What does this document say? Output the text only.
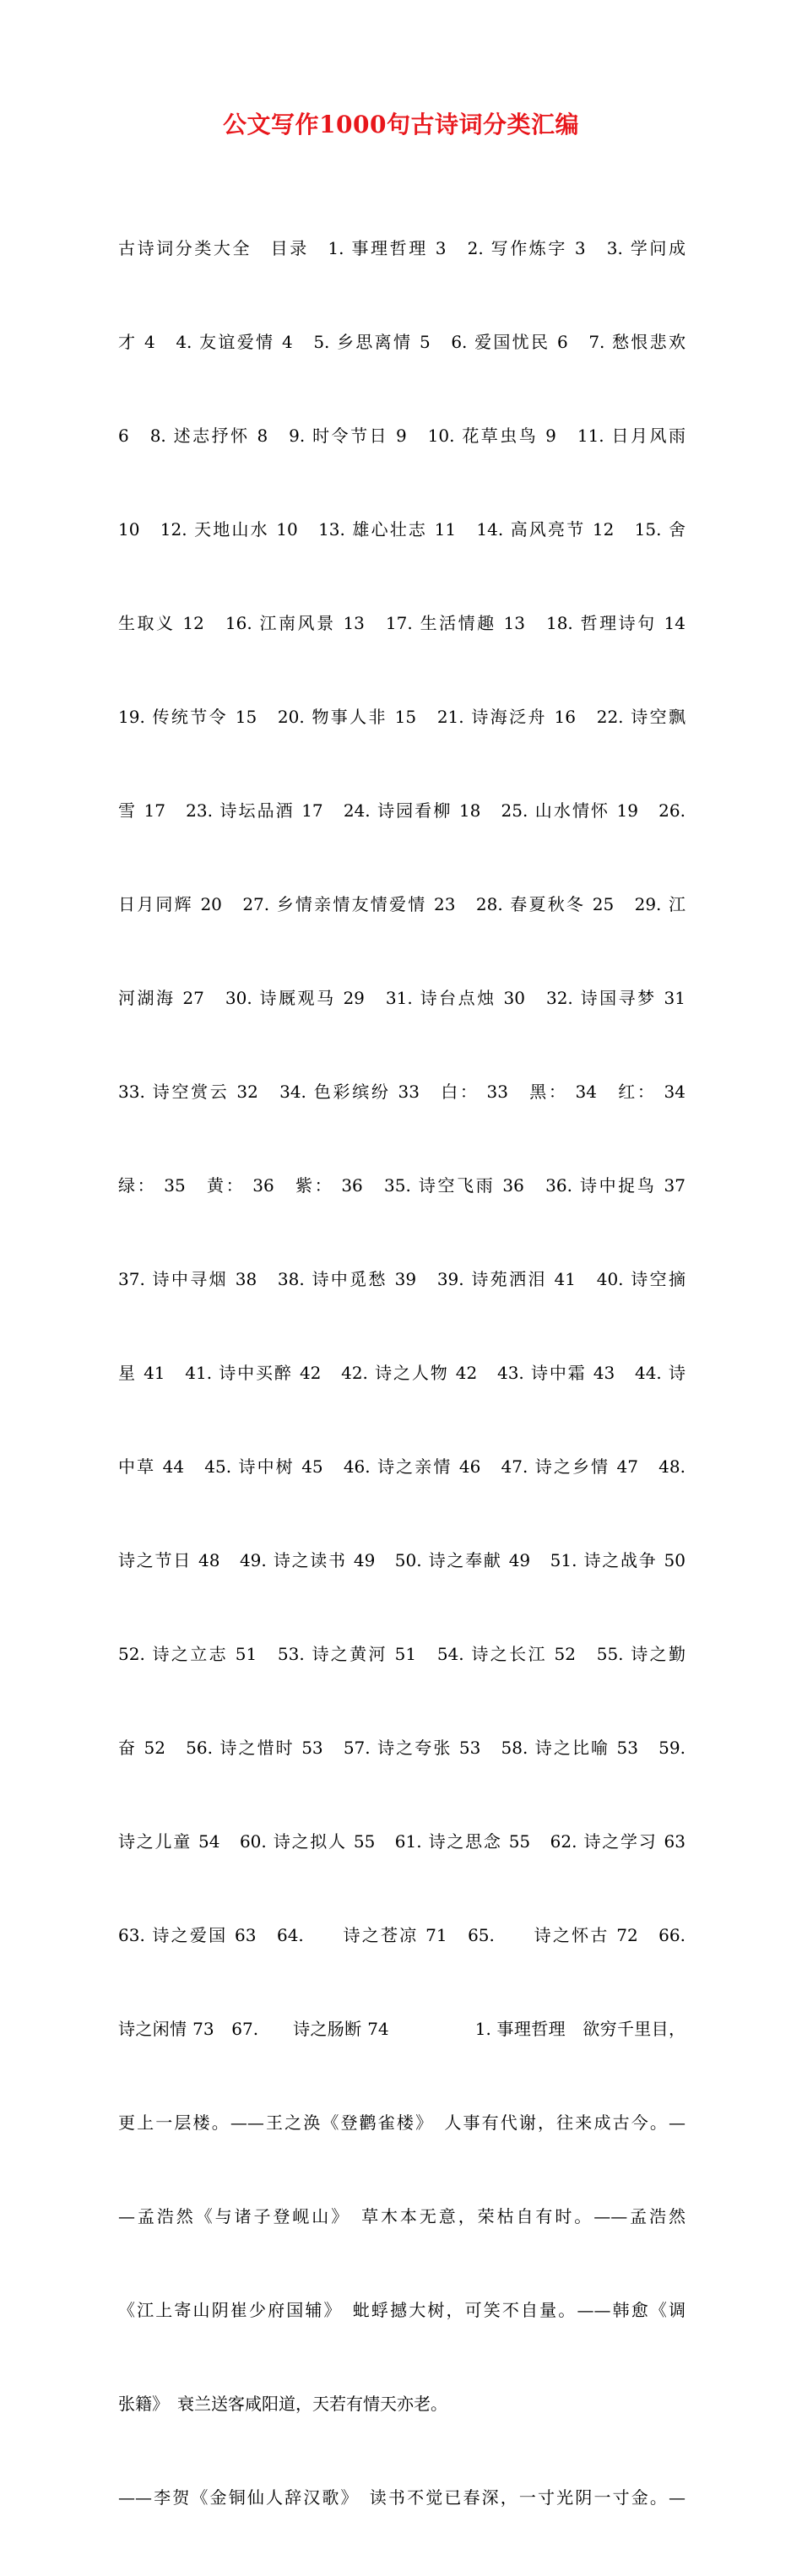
公文写作1000句古诗词分类汇编

古诗词分类大全　目录　1. 事理哲理 3　2. 写作炼字 3　3. 学问成

才 4　4. 友谊爱情 4　5. 乡思离情 5　6. 爱国忧民 6　7. 愁恨悲欢

6　8. 述志抒怀 8　9. 时令节日 9　10. 花草虫鸟 9　11. 日月风雨

10　12. 天地山水 10　13. 雄心壮志 11　14. 高风亮节 12　15. 舍

生取义 12　16. 江南风景 13　17. 生活情趣 13　18. 哲理诗句 14

19. 传统节令 15　20. 物事人非 15　21. 诗海泛舟 16　22. 诗空飘

雪 17　23. 诗坛品酒 17　24. 诗园看柳 18　25. 山水情怀 19　26.

日月同辉 20　27. 乡情亲情友情爱情 23　28. 春夏秋冬 25　29. 江

河湖海 27　30. 诗厩观马 29　31. 诗台点烛 30　32. 诗国寻梦 31

33. 诗空赏云 32　34. 色彩缤纷 33　白： 33　黑： 34　红： 34

绿： 35　黄： 36　紫： 36　35. 诗空飞雨 36　36. 诗中捉鸟 37

37. 诗中寻烟 38　38. 诗中觅愁 39　39. 诗苑洒泪 41　40. 诗空摘

星 41　41. 诗中买醉 42　42. 诗之人物 42　43. 诗中霜 43　44. 诗

中草 44　45. 诗中树 45　46. 诗之亲情 46　47. 诗之乡情 47　48.

诗之节日 48　49. 诗之读书 49　50. 诗之奉献 49　51. 诗之战争 50

52. 诗之立志 51　53. 诗之黄河 51　54. 诗之长江 52　55. 诗之勤

奋 52　56. 诗之惜时 53　57. 诗之夸张 53　58. 诗之比喻 53　59.

诗之儿童 54　60. 诗之拟人 55　61. 诗之思念 55　62. 诗之学习 63

63. 诗之爱国 63　64.　　诗之苍凉 71　65.　　诗之怀古 72　66.

诗之闲情 73　67.　　诗之肠断 74　　　　　1. 事理哲理　欲穷千里目，

更上一层楼。——王之涣《登鹳雀楼》　人事有代谢，往来成古今。—

—孟浩然《与诸子登岘山》　草木本无意，荣枯自有时。——孟浩然

《江上寄山阴崔少府国辅》　蚍蜉撼大树，可笑不自量。——韩愈《调

张籍》　衰兰送客咸阳道，天若有情天亦老。

——李贺《金铜仙人辞汉歌》　读书不觉已春深，一寸光阴一寸金。—
